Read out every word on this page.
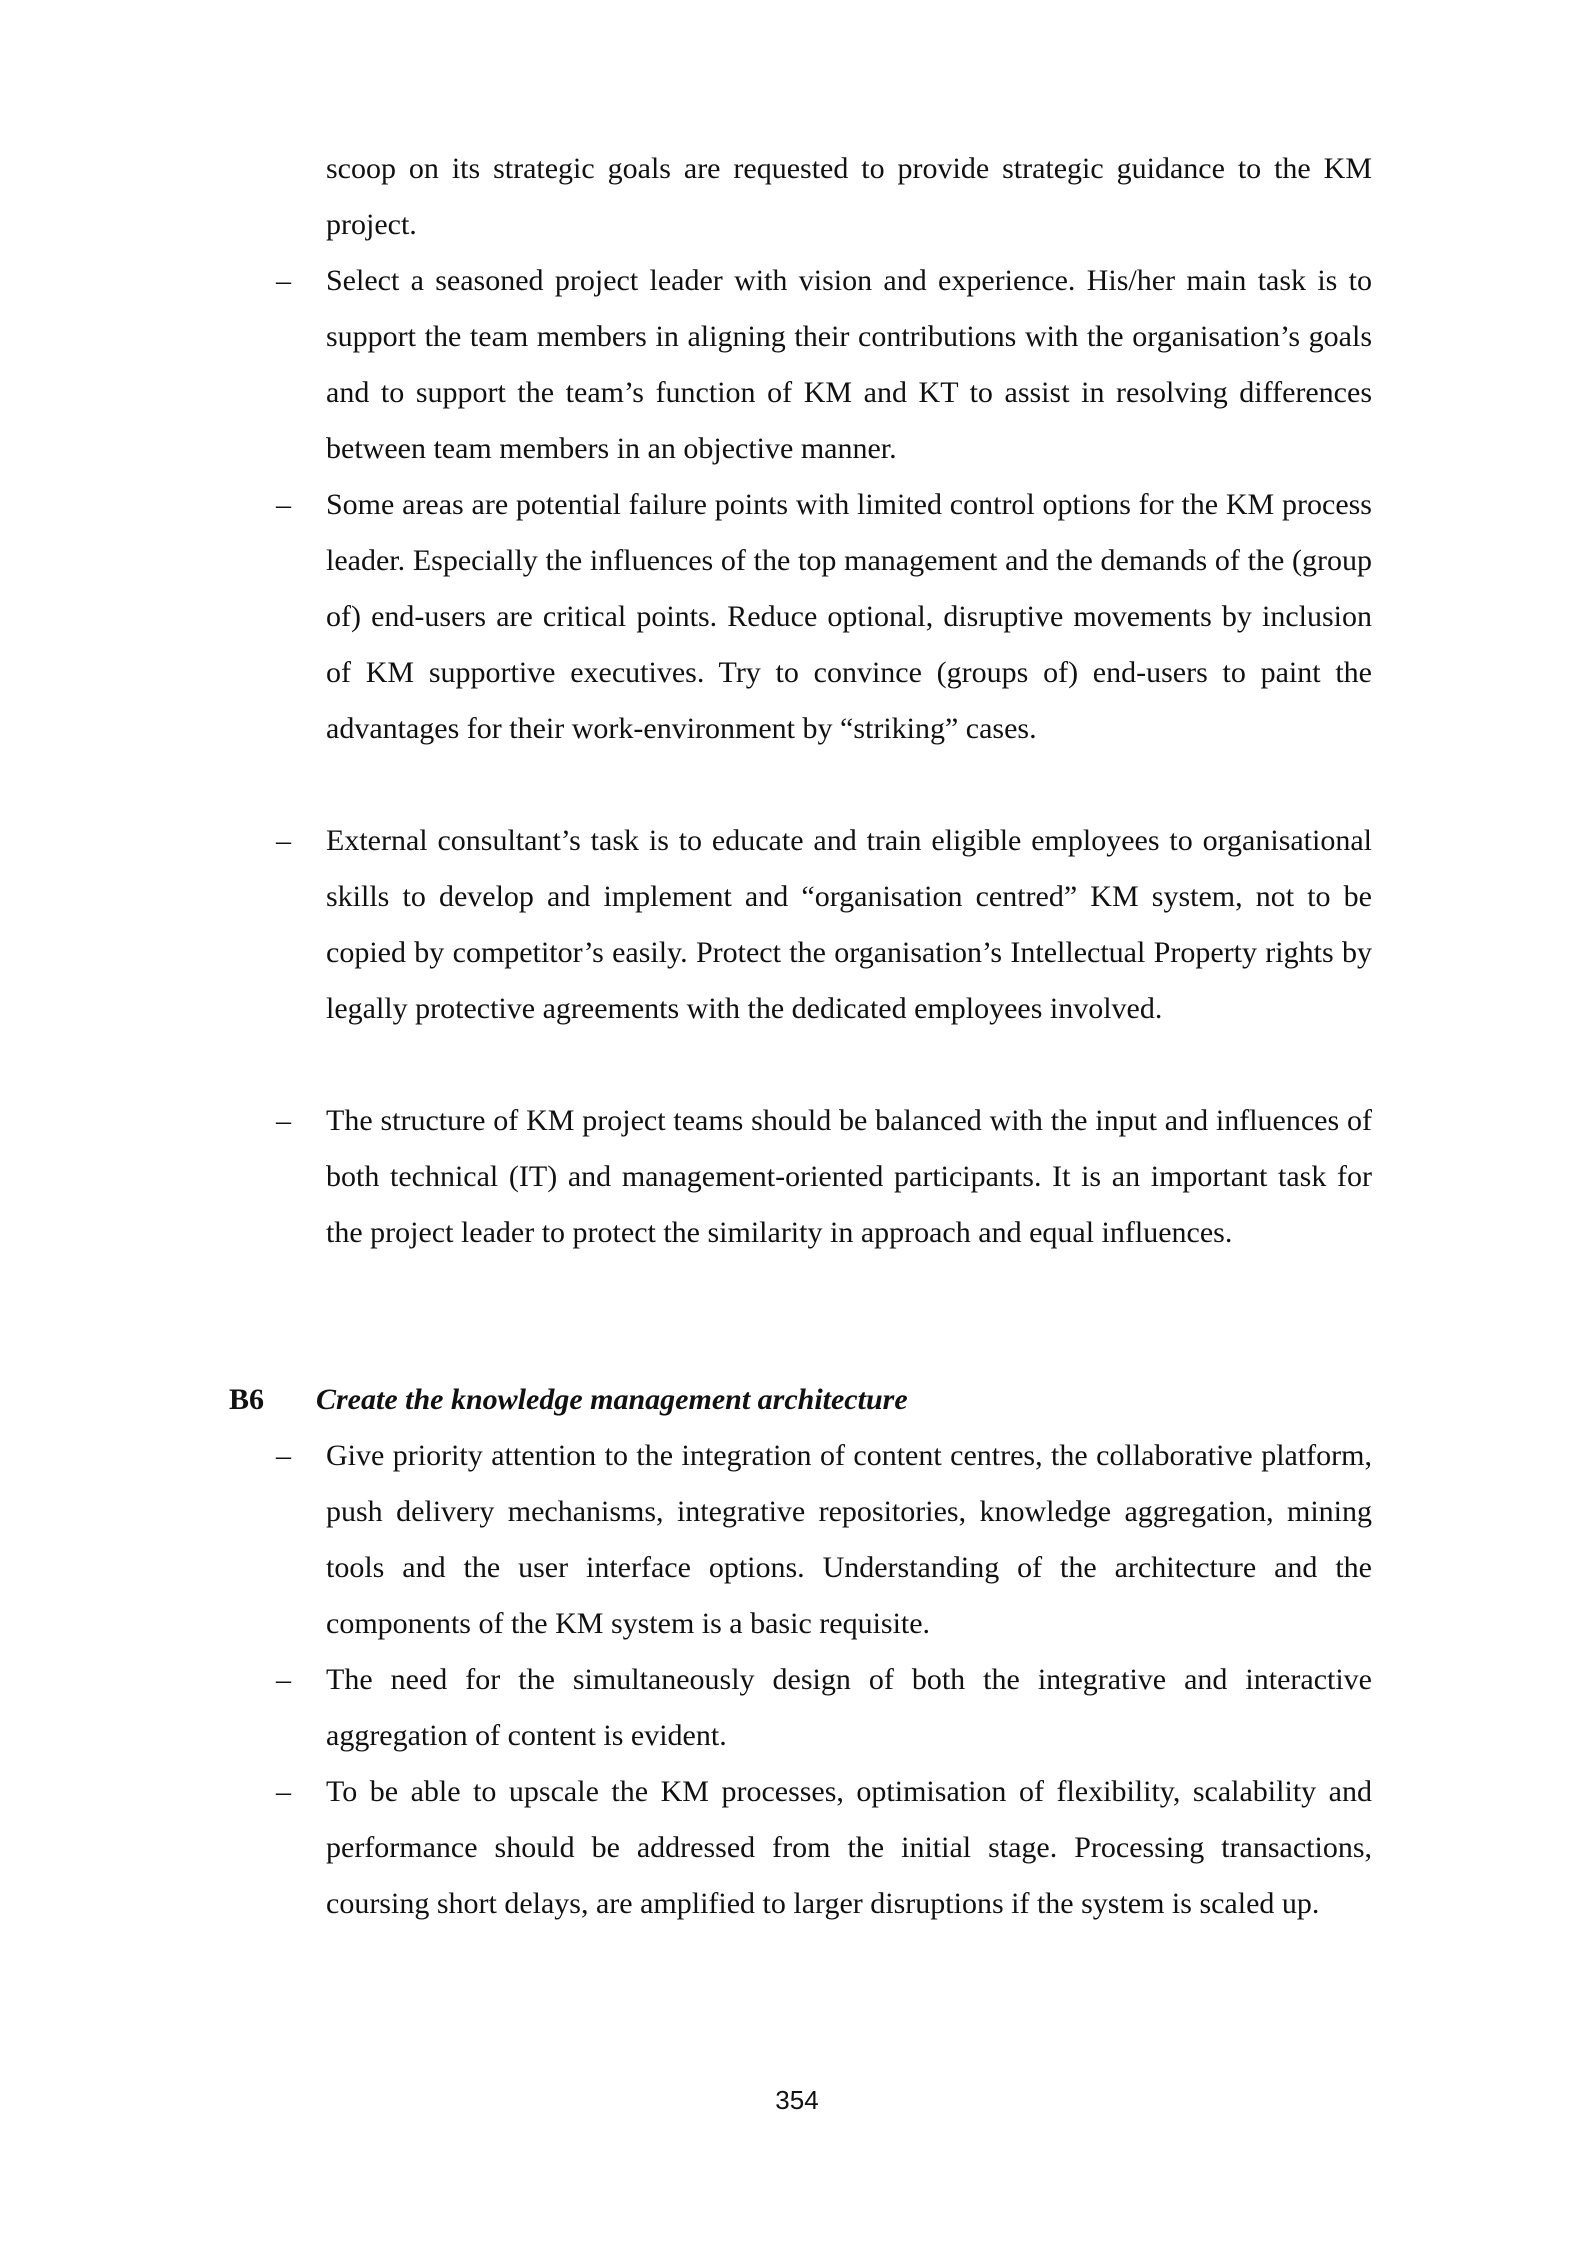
scoop on its strategic goals are requested to provide strategic guidance to the KM project.

–	Select a seasoned project leader with vision and experience. His/her main task is to support the team members in aligning their contributions with the organisation’s goals and to support the team’s function of KM and KT to assist in resolving differences between team members in an objective manner.
–	Some areas are potential failure points with limited control options for the KM process leader. Especially the influences of the top management and the demands of the (group of) end-users are critical points. Reduce optional, disruptive movements by inclusion of KM supportive executives. Try to convince (groups of) end-users to paint the advantages for their work-environment by “striking” cases.
–	External consultant’s task is to educate and train eligible employees to organisational skills to develop and implement and “organisation centred” KM system, not to be copied by competitor’s easily. Protect the organisation’s Intellectual Property rights by legally protective agreements with the dedicated employees involved.
–	The structure of KM project teams should be balanced with the input and influences of both technical (IT) and management-oriented participants. It is an important task for the project leader to protect the similarity in approach and equal influences.
B6 Create the knowledge management architecture
–	Give priority attention to the integration of content centres, the collaborative platform, push delivery mechanisms, integrative repositories, knowledge aggregation, mining tools and the user interface options. Understanding of the architecture and the components of the KM system is a basic requisite.
–	The need for the simultaneously design of both the integrative and interactive aggregation of content is evident.
–	To be able to upscale the KM processes, optimisation of flexibility, scalability and performance should be addressed from the initial stage. Processing transactions, coursing short delays, are amplified to larger disruptions if the system is scaled up.
354
